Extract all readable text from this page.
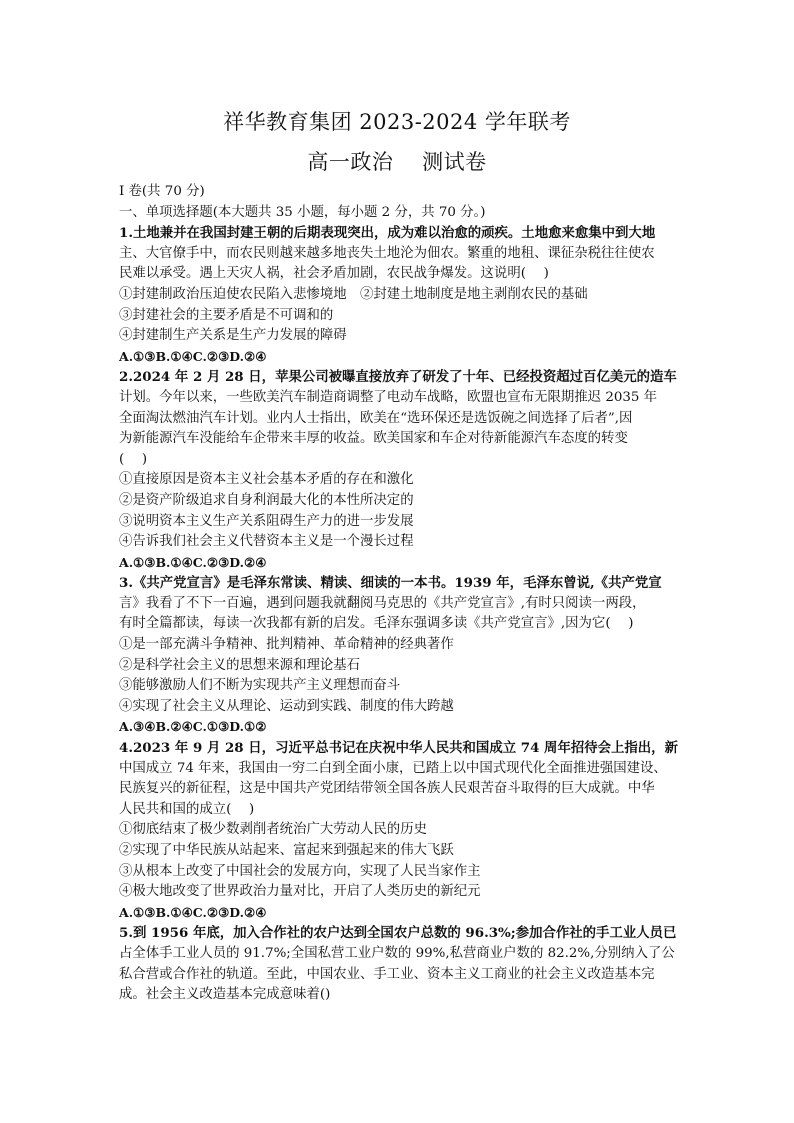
祥华教育集团 2023-2024 学年联考
高一政治　 测试卷

I 卷(共 70 分)

一、单项选择题(本大题共 35 小题，每小题 2 分，共 70 分。)

1.土地兼并在我国封建王朝的后期表现突出，成为难以治愈的顽疾。土地愈来愈集中到大地

主、大官僚手中，而农民则越来越多地丧失土地沦为佃农。繁重的地租、课征杂税往往使农

民难以承受。遇上天灾人祸，社会矛盾加剧，农民战争爆发。这说明(　 )

①封建制政治压迫使农民陷入悲惨境地　②封建土地制度是地主剥削农民的基础

③封建社会的主要矛盾是不可调和的

④封建制生产关系是生产力发展的障碍

A.①③B.①④C.②③D.②④

2.2024 年 2 月 28 日，苹果公司被曝直接放弃了研发了十年、已经投资超过百亿美元的造车

计划。今年以来，一些欧美汽车制造商调整了电动车战略，欧盟也宣布无限期推迟 2035 年

全面淘汰燃油汽车计划。业内人士指出，欧美在“选环保还是选饭碗之间选择了后者”,因

为新能源汽车没能给车企带来丰厚的收益。欧美国家和车企对待新能源汽车态度的转变

(　 )

①直接原因是资本主义社会基本矛盾的存在和激化

②是资产阶级追求自身利润最大化的本性所决定的

③说明资本主义生产关系阻碍生产力的进一步发展

④告诉我们社会主义代替资本主义是一个漫长过程

A.①③B.①④C.②③D.②④

3.《共产党宣言》是毛泽东常读、精读、细读的一本书。1939 年，毛泽东曾说,《共产党宣

言》我看了不下一百遍，遇到问题我就翻阅马克思的《共产党宣言》,有时只阅读一两段，

有时全篇都读，每读一次我都有新的启发。毛泽东强调多读《共产党宣言》,因为它(　 )

①是一部充满斗争精神、批判精神、革命精神的经典著作

②是科学社会主义的思想来源和理论基石

③能够激励人们不断为实现共产主义理想而奋斗

④实现了社会主义从理论、运动到实践、制度的伟大跨越

A.③④B.②④C.①③D.①②

4.2023 年 9 月 28 日，习近平总书记在庆祝中华人民共和国成立 74 周年招待会上指出，新

中国成立 74 年来，我国由一穷二白到全面小康，已踏上以中国式现代化全面推进强国建设、

民族复兴的新征程，这是中国共产党团结带领全国各族人民艰苦奋斗取得的巨大成就。中华

人民共和国的成立(　 )

①彻底结束了极少数剥削者统治广大劳动人民的历史

②实现了中华民族从站起来、富起来到强起来的伟大飞跃

③从根本上改变了中国社会的发展方向，实现了人民当家作主

④极大地改变了世界政治力量对比，开启了人类历史的新纪元

A.①③B.①④C.②③D.②④

5.到 1956 年底，加入合作社的农户达到全国农户总数的 96.3%;参加合作社的手工业人员已

占全体手工业人员的 91.7%;全国私营工业户数的 99%,私营商业户数的 82.2%,分别纳入了公

私合营或合作社的轨道。至此，中国农业、手工业、资本主义工商业的社会主义改造基本完

成。社会主义改造基本完成意味着()
